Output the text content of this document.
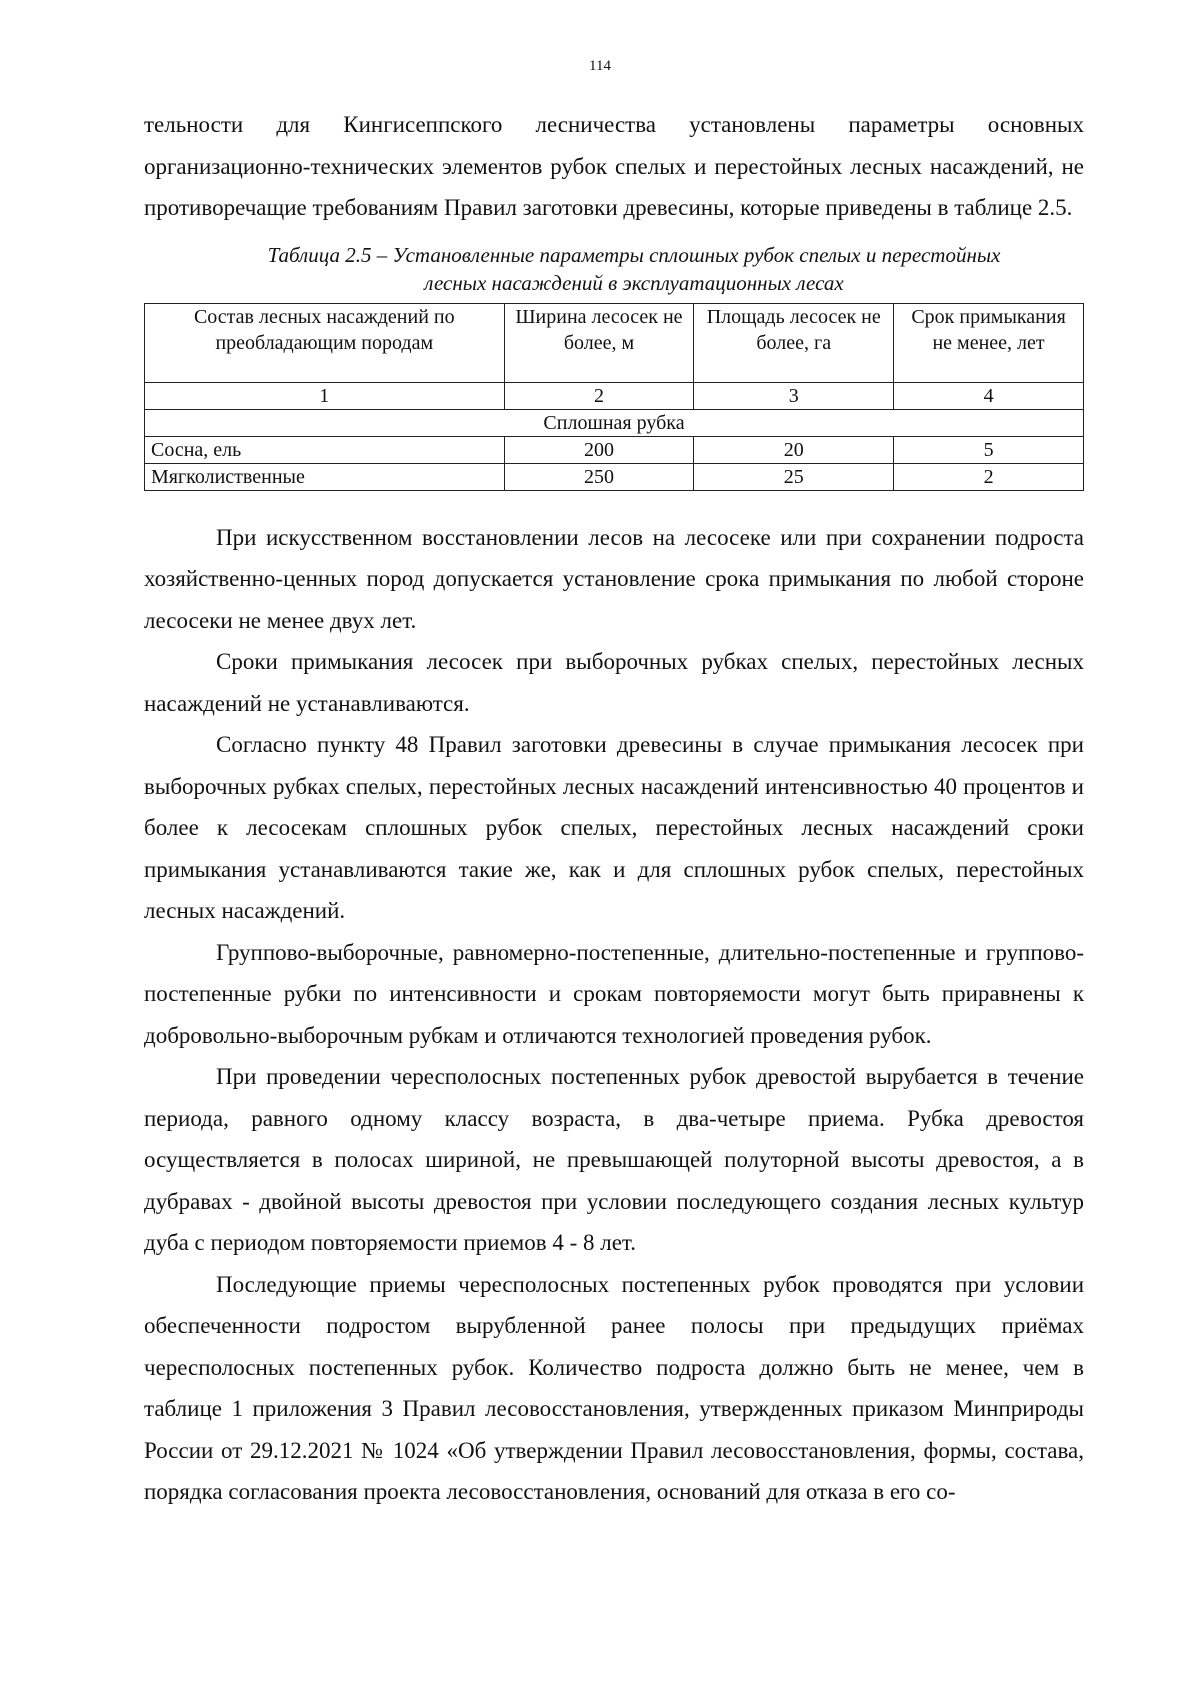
114

тельности для Кингисеппского лесничества установлены параметры основных организационно-технических элементов рубок спелых и перестойных лесных насаждений, не противоречащие требованиям Правил заготовки древесины, которые приведены в таблице 2.5.

Таблица 2.5 – Установленные параметры сплошных рубок спелых и перестойных
лесных насаждений в эксплуатационных лесах
Состав лесных насаждений по преобладающим породам	Ширина лесосек не более, м	Площадь лесосек не более, га	Срок примыкания не менее, лет
1	2	3	4
Сплошная рубка			
Сосна, ель	200	20	5
Мягколиственные	250	25	2

При искусственном восстановлении лесов на лесосеке или при сохранении подроста хозяйственно-ценных пород допускается установление срока примыкания по любой стороне лесосеки не менее двух лет.

Сроки примыкания лесосек при выборочных рубках спелых, перестойных лесных насаждений не устанавливаются.

Согласно пункту 48 Правил заготовки древесины в случае примыкания лесосек при выборочных рубках спелых, перестойных лесных насаждений интенсивностью 40 процентов и более к лесосекам сплошных рубок спелых, перестойных лесных насаждений сроки примыкания устанавливаются такие же, как и для сплошных рубок спелых, перестойных лесных насаждений.

Группово-выборочные, равномерно-постепенные, длительно-постепенные и группово-постепенные рубки по интенсивности и срокам повторяемости могут быть приравнены к добровольно-выборочным рубкам и отличаются технологией проведения рубок.

При проведении чересполосных постепенных рубок древостой вырубается в течение периода, равного одному классу возраста, в два-четыре приема. Рубка древостоя осуществляется в полосах шириной, не превышающей полуторной высоты древостоя, а в дубравах - двойной высоты древостоя при условии последующего создания лесных культур дуба с периодом повторяемости приемов 4 - 8 лет.

Последующие приемы чересполосных постепенных рубок проводятся при условии обеспеченности подростом вырубленной ранее полосы при предыдущих приёмах чересполосных постепенных рубок. Количество подроста должно быть не менее, чем в таблице 1 приложения 3 Правил лесовосстановления, утвержденных приказом Минприроды России от 29.12.2021 № 1024 «Об утверждении Правил лесовосстановления, формы, состава, порядка согласования проекта лесовосстановления, оснований для отказа в его со-
